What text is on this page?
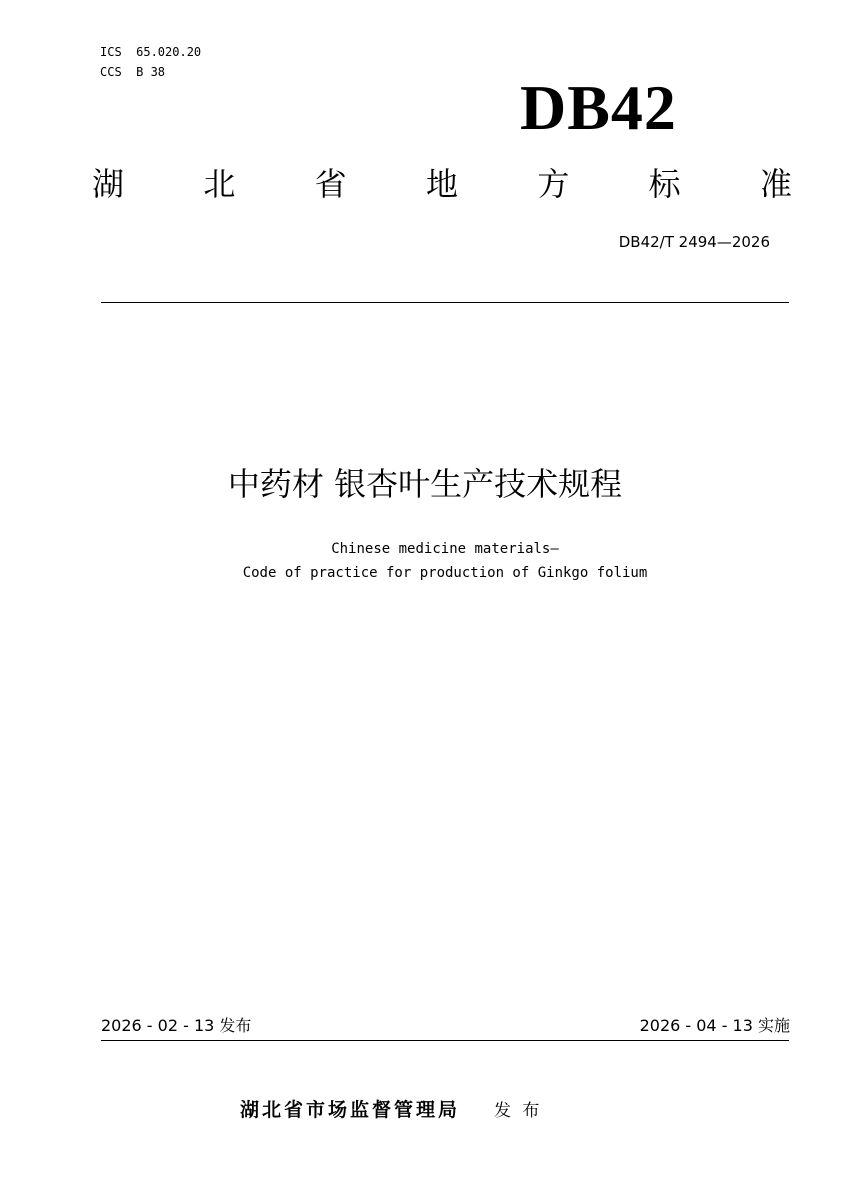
ICS  65.020.20
CCS  B 38	DB42
湖 北 省 地 方 标 准
DB42/T 2494—2026
中药材 银杏叶生产技术规程
Chinese medicine materials—
Code of practice for production of Ginkgo folium
2026 - 02 - 13 发布	2026 - 04 - 13 实施
湖北省市场监督管理局 发 布
